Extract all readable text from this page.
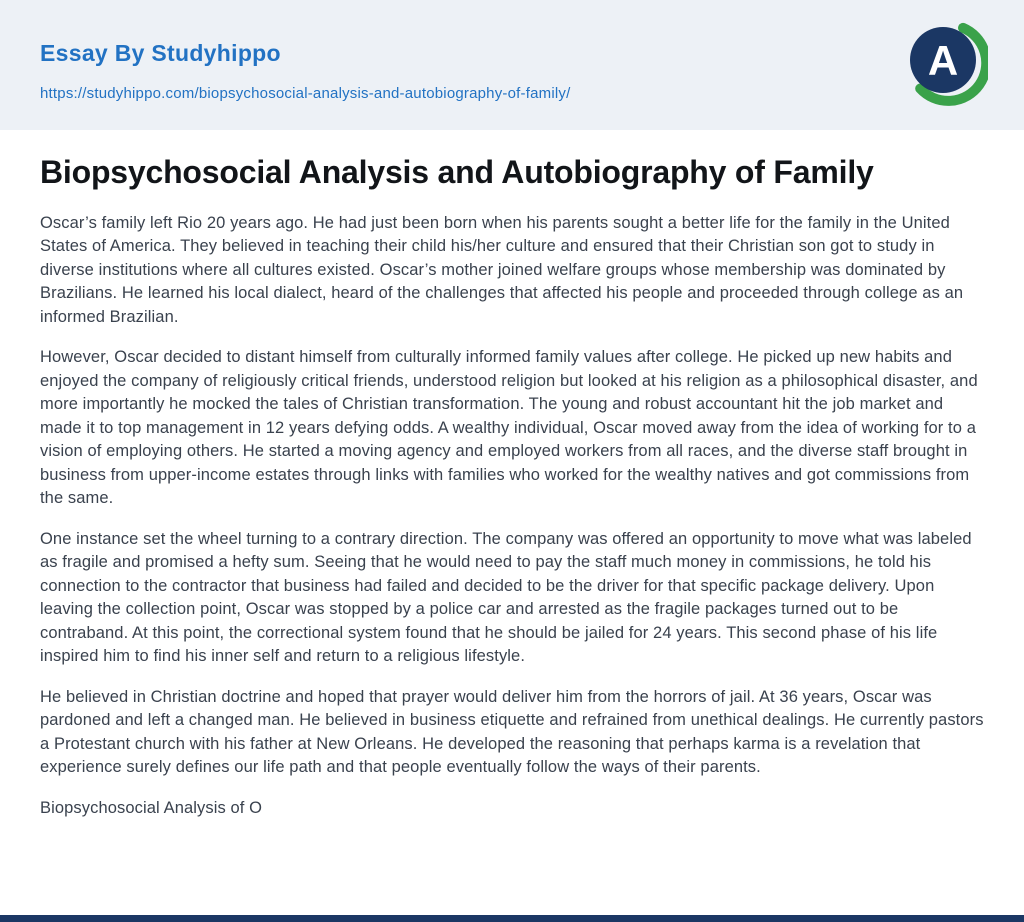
Essay By Studyhippo
https://studyhippo.com/biopsychosocial-analysis-and-autobiography-of-family/
A
Biopsychosocial Analysis and Autobiography of Family

Oscar’s family left Rio 20 years ago. He had just been born when his parents sought a better life for the family in the United States of America. They believed in teaching their child his/her culture and ensured that their Christian son got to study in diverse institutions where all cultures existed. Oscar’s mother joined welfare groups whose membership was dominated by Brazilians. He learned his local dialect, heard of the challenges that affected his people and proceeded through college as an informed Brazilian.

However, Oscar decided to distant himself from culturally informed family values after college. He picked up new habits and enjoyed the company of religiously critical friends, understood religion but looked at his religion as a philosophical disaster, and more importantly he mocked the tales of Christian transformation. The young and robust accountant hit the job market and made it to top management in 12 years defying odds. A wealthy individual, Oscar moved away from the idea of working for to a vision of employing others. He started a moving agency and employed workers from all races, and the diverse staff brought in business from upper-income estates through links with families who worked for the wealthy natives and got commissions from the same.

One instance set the wheel turning to a contrary direction. The company was offered an opportunity to move what was labeled as fragile and promised a hefty sum. Seeing that he would need to pay the staff much money in commissions, he told his connection to the contractor that business had failed and decided to be the driver for that specific package delivery. Upon leaving the collection point, Oscar was stopped by a police car and arrested as the fragile packages turned out to be contraband. At this point, the correctional system found that he should be jailed for 24 years. This second phase of his life inspired him to find his inner self and return to a religious lifestyle.

He believed in Christian doctrine and hoped that prayer would deliver him from the horrors of jail. At 36 years, Oscar was pardoned and left a changed man. He believed in business etiquette and refrained from unethical dealings. He currently pastors a Protestant church with his father at New Orleans. He developed the reasoning that perhaps karma is a revelation that experience surely defines our life path and that people eventually follow the ways of their parents.

Biopsychosocial Analysis of O
